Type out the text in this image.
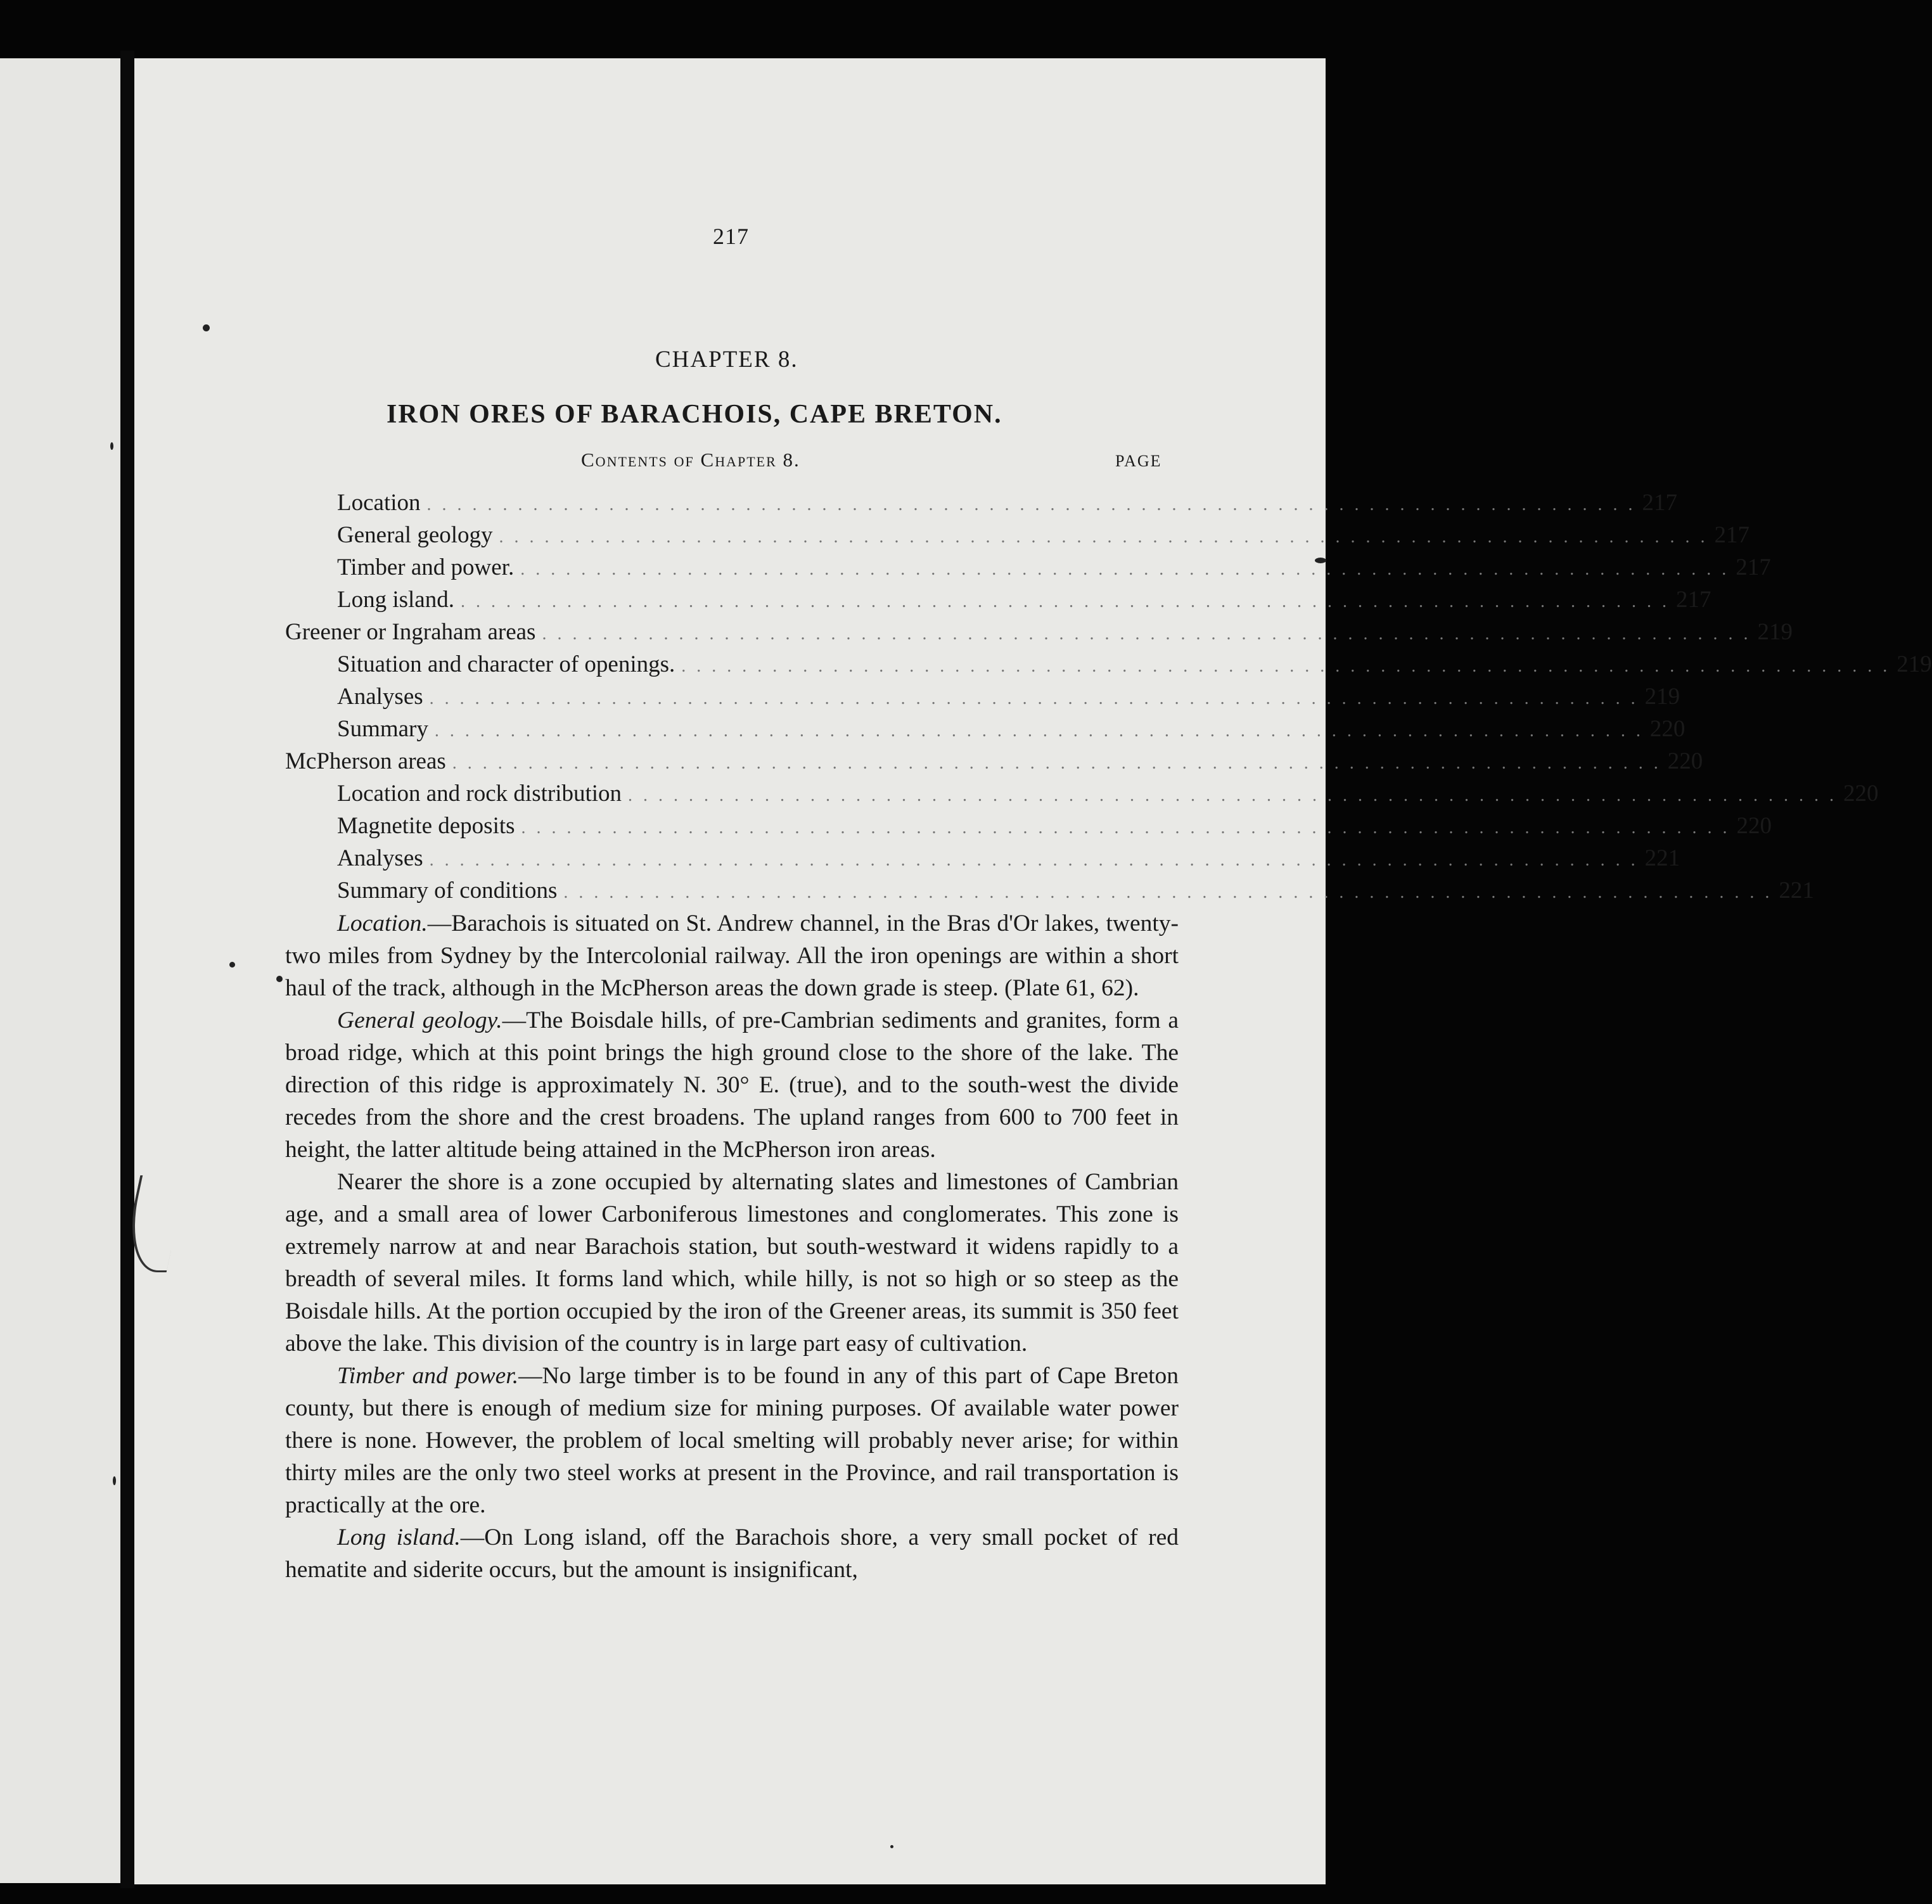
217
CHAPTER 8.
IRON ORES OF BARACHOIS, CAPE BRETON.
Contents of Chapter 8.	PAGE
Location . . . . . . . . . . . . . . . . . . . . . . . . . . . . . . . . . . . . . . . . . . . . . . . . . . . . . . . . . . . . . . . . . . . . . . . . . . . . . . . . 217
General geology . . . . . . . . . . . . . . . . . . . . . . . . . . . . . . . . . . . . . . . . . . . . . . . . . . . . . . . . . . . . . . . . . . . . . . . . . . . . . . . . 217
Timber and power. . . . . . . . . . . . . . . . . . . . . . . . . . . . . . . . . . . . . . . . . . . . . . . . . . . . . . . . . . . . . . . . . . . . . . . . . . . . . . . . . 217
Long island. . . . . . . . . . . . . . . . . . . . . . . . . . . . . . . . . . . . . . . . . . . . . . . . . . . . . . . . . . . . . . . . . . . . . . . . . . . . . . . . . 217
Greener or Ingraham areas . . . . . . . . . . . . . . . . . . . . . . . . . . . . . . . . . . . . . . . . . . . . . . . . . . . . . . . . . . . . . . . . . . . . . . . . . . . . . . . . 219
Situation and character of openings. . . . . . . . . . . . . . . . . . . . . . . . . . . . . . . . . . . . . . . . . . . . . . . . . . . . . . . . . . . . . . . . . . . . . . . . . . . . . . . . . 219
Analyses . . . . . . . . . . . . . . . . . . . . . . . . . . . . . . . . . . . . . . . . . . . . . . . . . . . . . . . . . . . . . . . . . . . . . . . . . . . . . . . . 219
Summary . . . . . . . . . . . . . . . . . . . . . . . . . . . . . . . . . . . . . . . . . . . . . . . . . . . . . . . . . . . . . . . . . . . . . . . . . . . . . . . . 220
McPherson areas . . . . . . . . . . . . . . . . . . . . . . . . . . . . . . . . . . . . . . . . . . . . . . . . . . . . . . . . . . . . . . . . . . . . . . . . . . . . . . . . 220
Location and rock distribution . . . . . . . . . . . . . . . . . . . . . . . . . . . . . . . . . . . . . . . . . . . . . . . . . . . . . . . . . . . . . . . . . . . . . . . . . . . . . . . . 220
Magnetite deposits . . . . . . . . . . . . . . . . . . . . . . . . . . . . . . . . . . . . . . . . . . . . . . . . . . . . . . . . . . . . . . . . . . . . . . . . . . . . . . . . 220
Analyses . . . . . . . . . . . . . . . . . . . . . . . . . . . . . . . . . . . . . . . . . . . . . . . . . . . . . . . . . . . . . . . . . . . . . . . . . . . . . . . . 221
Summary of conditions . . . . . . . . . . . . . . . . . . . . . . . . . . . . . . . . . . . . . . . . . . . . . . . . . . . . . . . . . . . . . . . . . . . . . . . . . . . . . . . . 221

Location.—Barachois is situated on St. Andrew channel, in the Bras d'Or lakes, twenty-two miles from Sydney by the Intercolonial railway. All the iron openings are within a short haul of the track, although in the McPherson areas the down grade is steep. (Plate 61, 62).

General geology.—The Boisdale hills, of pre-Cambrian sediments and granites, form a broad ridge, which at this point brings the high ground close to the shore of the lake. The direction of this ridge is approximately N. 30° E. (true), and to the south-west the divide recedes from the shore and the crest broadens. The upland ranges from 600 to 700 feet in height, the latter altitude being attained in the McPherson iron areas.

Nearer the shore is a zone occupied by alternating slates and limestones of Cambrian age, and a small area of lower Carboniferous limestones and conglomerates. This zone is extremely narrow at and near Barachois station, but south-westward it widens rapidly to a breadth of several miles. It forms land which, while hilly, is not so high or so steep as the Boisdale hills. At the portion occupied by the iron of the Greener areas, its summit is 350 feet above the lake. This division of the country is in large part easy of cultivation.

Timber and power.—No large timber is to be found in any of this part of Cape Breton county, but there is enough of medium size for mining purposes. Of available water power there is none. However, the problem of local smelting will probably never arise; for within thirty miles are the only two steel works at present in the Province, and rail transportation is practically at the ore.

Long island.—On Long island, off the Barachois shore, a very small pocket of red hematite and siderite occurs, but the amount is insignificant,
